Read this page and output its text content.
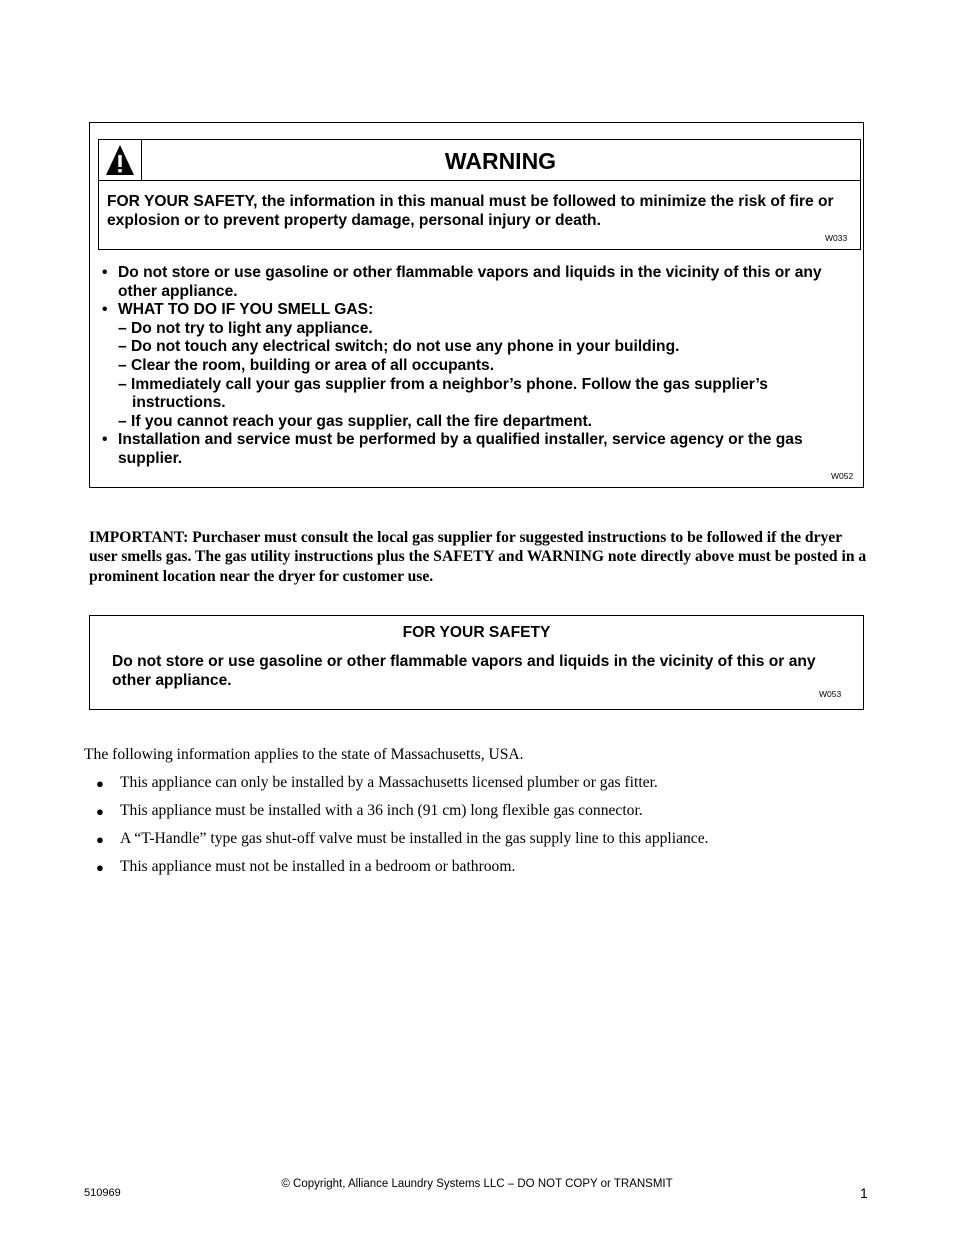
WARNING
FOR YOUR SAFETY, the information in this manual must be followed to minimize the risk of fire or explosion or to prevent property damage, personal injury or death.
W033
• Do not store or use gasoline or other flammable vapors and liquids in the vicinity of this or any other appliance.
• WHAT TO DO IF YOU SMELL GAS:
– Do not try to light any appliance.
– Do not touch any electrical switch; do not use any phone in your building.
– Clear the room, building or area of all occupants.
– Immediately call your gas supplier from a neighbor’s phone. Follow the gas supplier’s instructions.
– If you cannot reach your gas supplier, call the fire department.
• Installation and service must be performed by a qualified installer, service agency or the gas supplier.
W052
IMPORTANT: Purchaser must consult the local gas supplier for suggested instructions to be followed if the dryer user smells gas. The gas utility instructions plus the SAFETY and WARNING note directly above must be posted in a prominent location near the dryer for customer use.
FOR YOUR SAFETY
Do not store or use gasoline or other flammable vapors and liquids in the vicinity of this or any other appliance.
W053
The following information applies to the state of Massachusetts, USA.
● This appliance can only be installed by a Massachusetts licensed plumber or gas fitter.
● This appliance must be installed with a 36 inch (91 cm) long flexible gas connector.
● A “T-Handle” type gas shut-off valve must be installed in the gas supply line to this appliance.
● This appliance must not be installed in a bedroom or bathroom.
510969
© Copyright, Alliance Laundry Systems LLC – DO NOT COPY or TRANSMIT
1
